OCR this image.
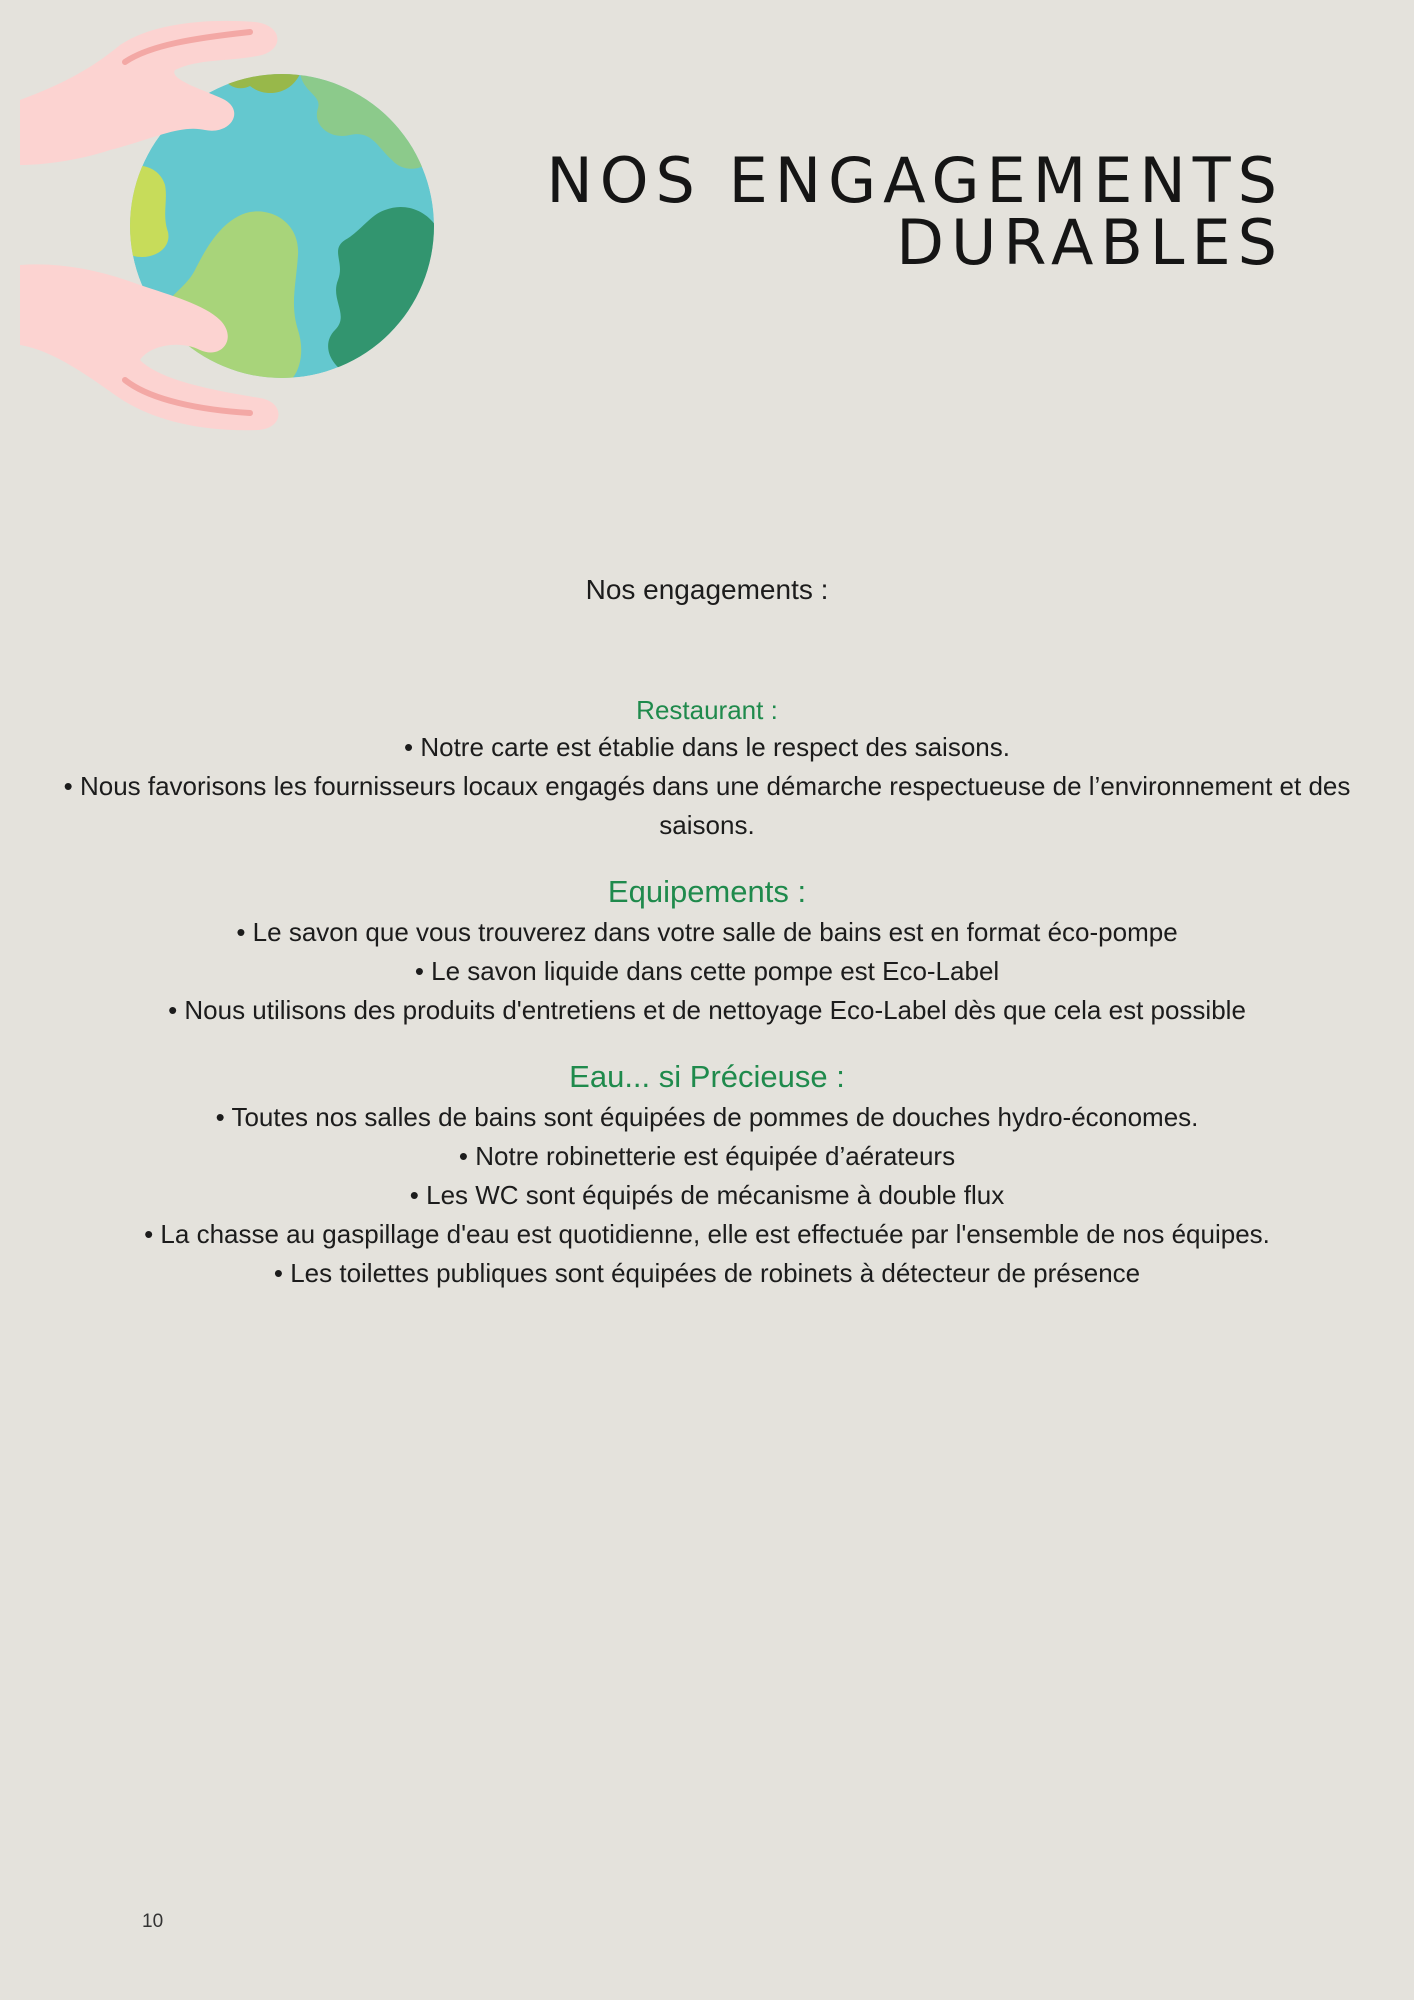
NOS ENGAGEMENTS
DURABLES

Nos engagements :

Restaurant :
• Notre carte est établie dans le respect des saisons.
• Nous favorisons les fournisseurs locaux engagés dans une démarche respectueuse de l’environnement et des saisons.
Equipements :
• Le savon que vous trouverez dans votre salle de bains est en format éco-pompe
• Le savon liquide dans cette pompe est Eco-Label
• Nous utilisons des produits d'entretiens et de nettoyage Eco-Label dès que cela est possible
Eau... si Précieuse :
• Toutes nos salles de bains sont équipées de pommes de douches hydro-économes.
• Notre robinetterie est équipée d’aérateurs
• Les WC sont équipés de mécanisme à double flux
• La chasse au gaspillage d'eau est quotidienne, elle est effectuée par l'ensemble de nos équipes.
• Les toilettes publiques sont équipées de robinets à détecteur de présence
10
